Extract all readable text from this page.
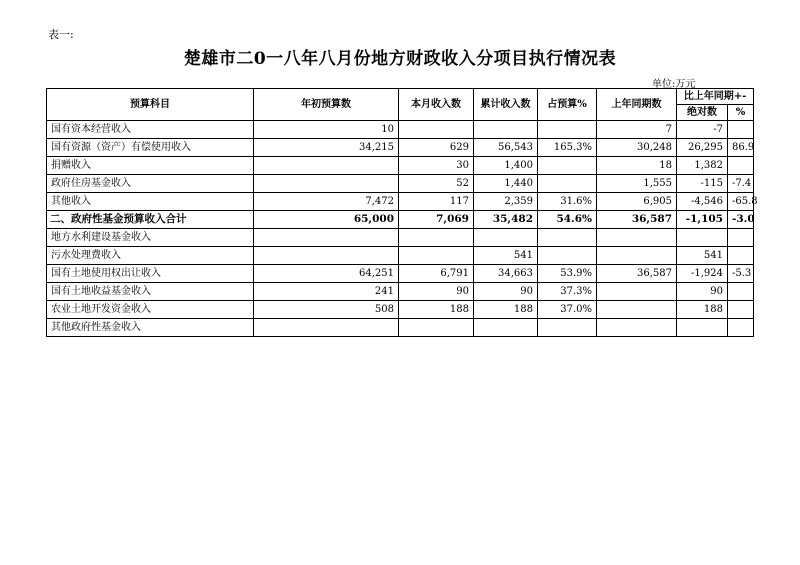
表一:
楚雄市二0一八年八月份地方财政收入分项目执行情况表
单位:万元
预算科目	年初预算数	本月收入数	累计收入数	占预算%	上年同期数	比上年同期+-	
						绝对数	%
国有资本经营收入	10				7	-7	
国有资源（资产）有偿使用收入	34,215	629	56,543	165.3%	30,248	26,295	86.9
捐赠收入		30	1,400		18	1,382	
政府住房基金收入		52	1,440		1,555	-115	-7.4
其他收入	7,472	117	2,359	31.6%	6,905	-4,546	-65.8
二、政府性基金预算收入合计	65,000	7,069	35,482	54.6%	36,587	-1,105	-3.0
地方水利建设基金收入							
污水处理费收入			541			541	
国有土地使用权出让收入	64,251	6,791	34,663	53.9%	36,587	-1,924	-5.3
国有土地收益基金收入	241	90	90	37.3%		90	
农业土地开发资金收入	508	188	188	37.0%		188	
其他政府性基金收入							
